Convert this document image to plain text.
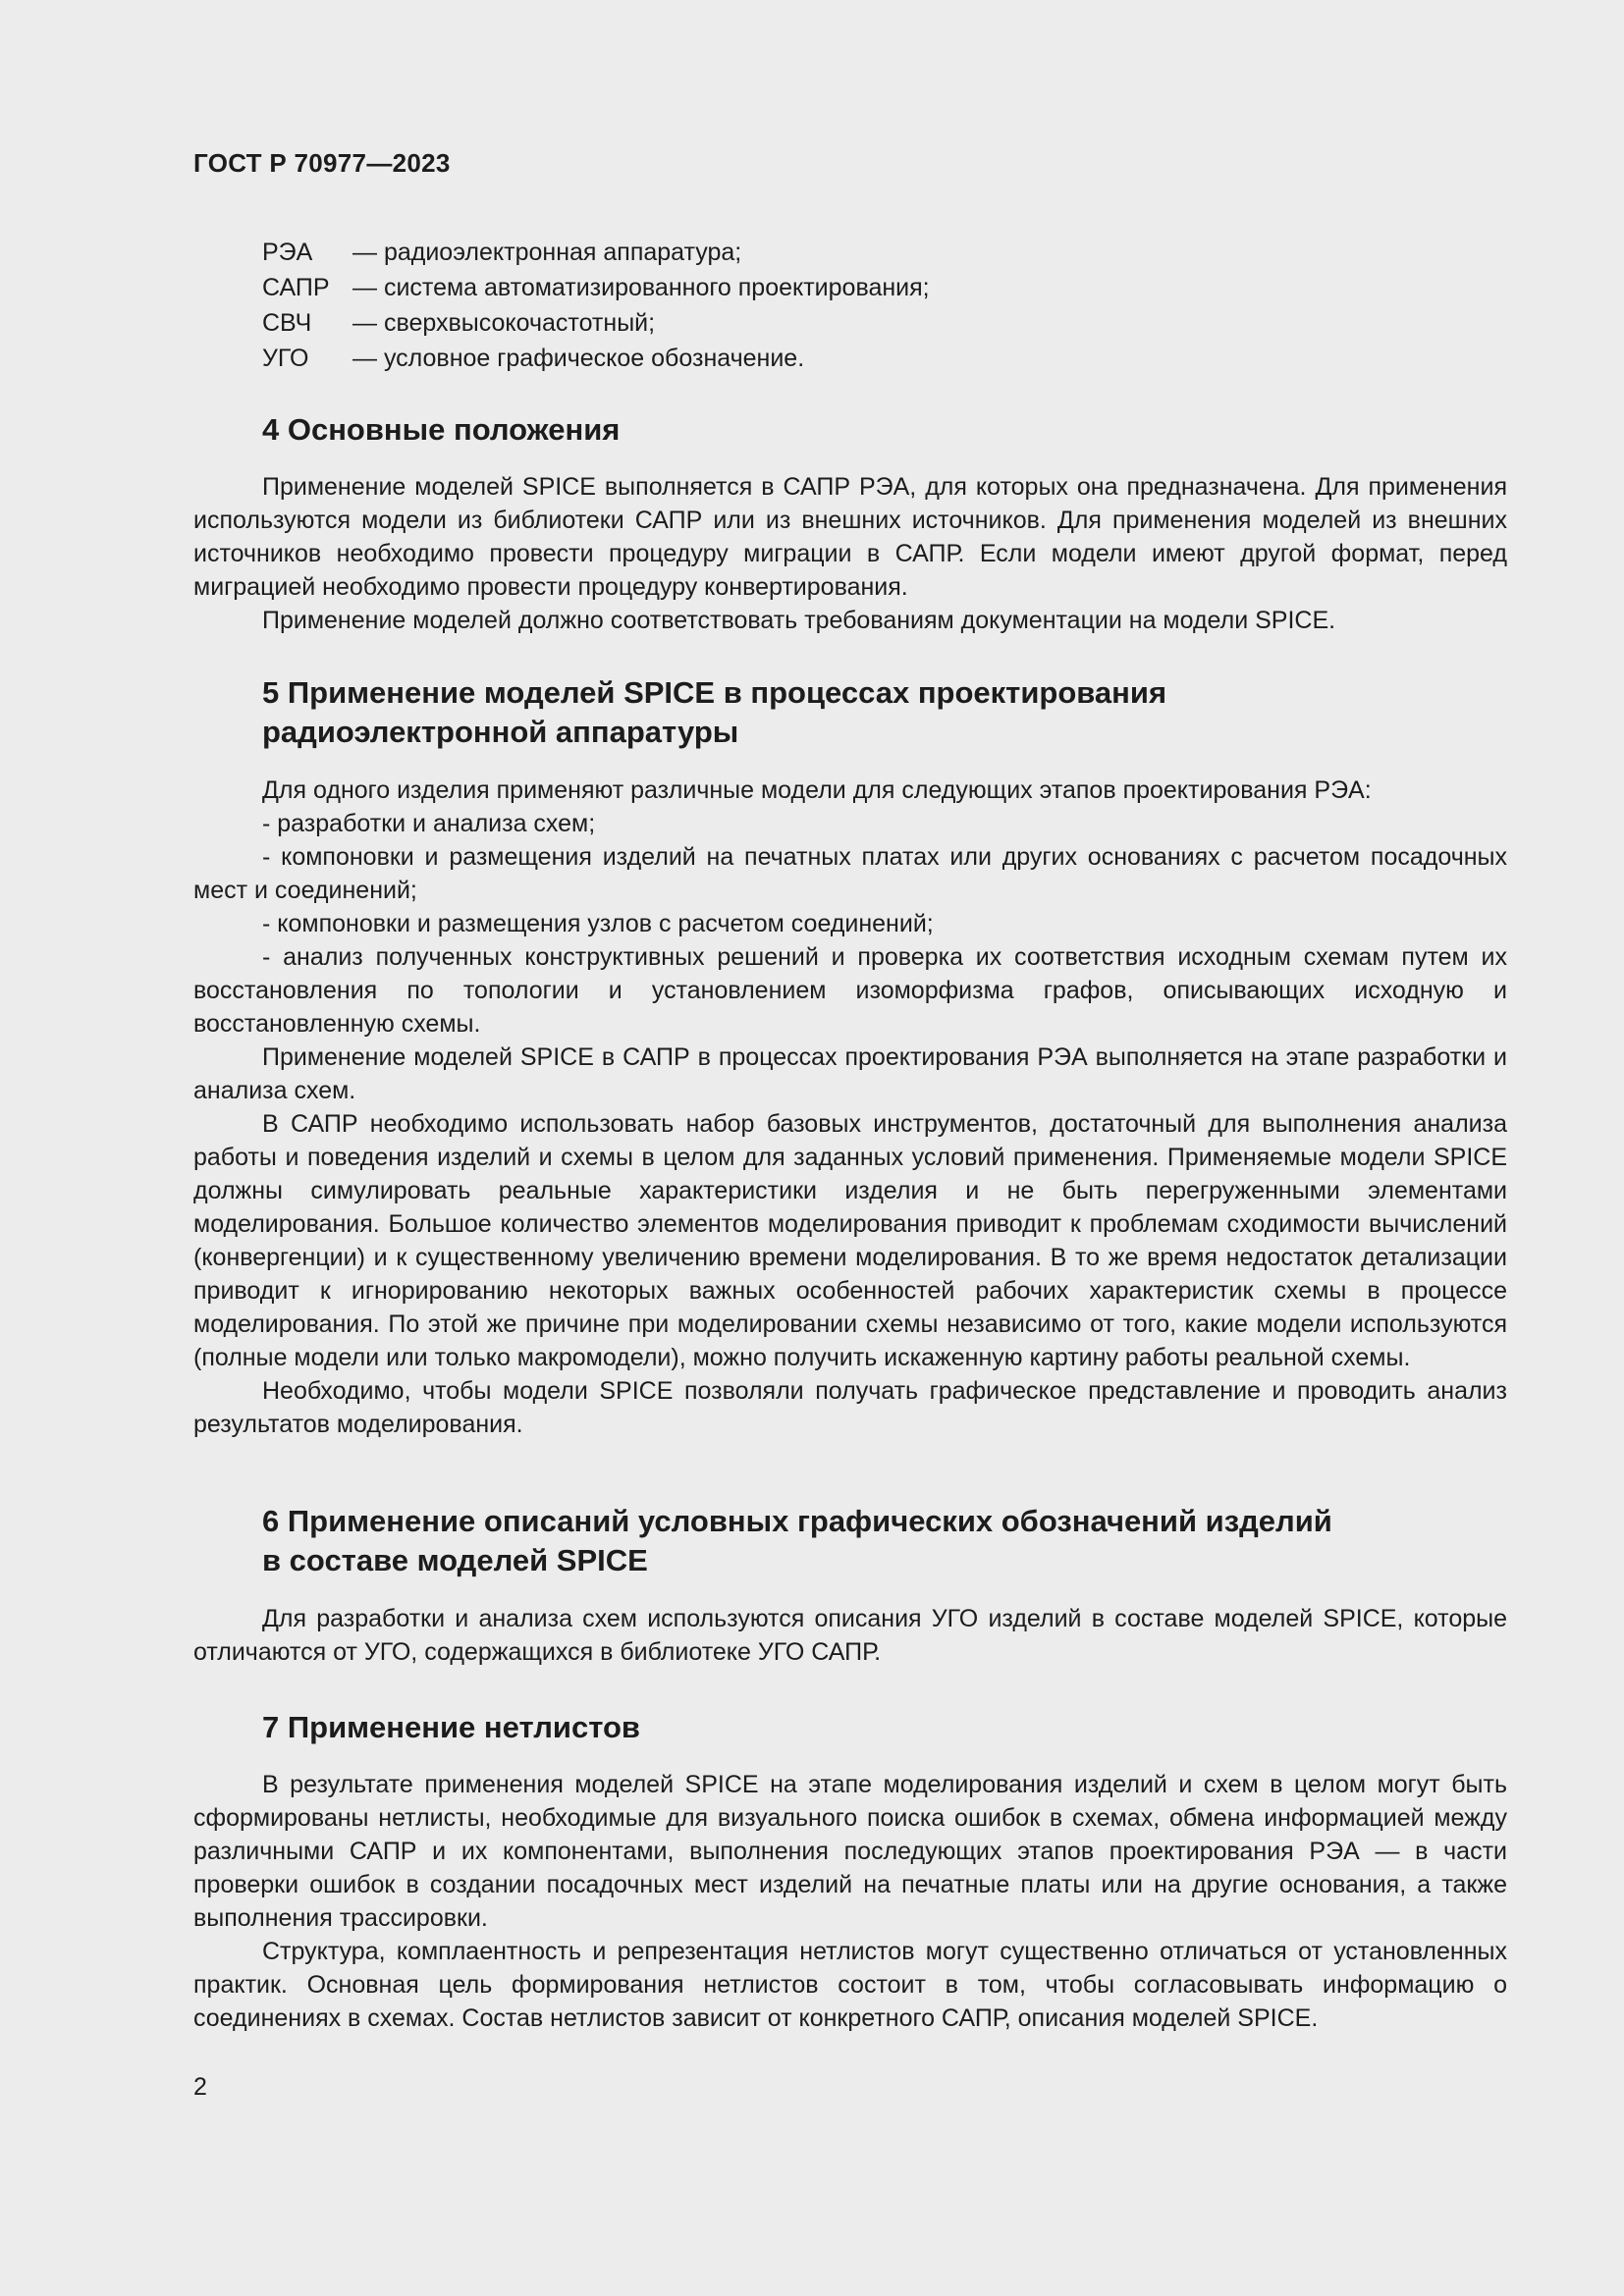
ГОСТ Р 70977—2023
РЭА	— радиоэлектронная аппаратура;
САПР — система автоматизированного проектирования;
СВЧ	— сверхвысокочастотный;
УГО	— условное графическое обозначение.
4 Основные положения

Применение моделей SPICE выполняется в САПР РЭА, для которых она предназначена. Для применения используются модели из библиотеки САПР или из внешних источников. Для применения моделей из внешних источников необходимо провести процедуру миграции в САПР. Если модели имеют другой формат, перед миграцией необходимо провести процедуру конвертирования.

Применение моделей должно соответствовать требованиям документации на модели SPICE.

5 Применение моделей SPICE в процессах проектирования
радиоэлектронной аппаратуры

Для одного изделия применяют различные модели для следующих этапов проектирования РЭА:

- разработки и анализа схем;

- компоновки и размещения изделий на печатных платах или других основаниях с расчетом посадочных мест и соединений;

- компоновки и размещения узлов с расчетом соединений;

- анализ полученных конструктивных решений и проверка их соответствия исходным схемам путем их восстановления по топологии и установлением изоморфизма графов, описывающих исходную и восстановленную схемы.

Применение моделей SPICE в САПР в процессах проектирования РЭА выполняется на этапе разработки и анализа схем.

В САПР необходимо использовать набор базовых инструментов, достаточный для выполнения анализа работы и поведения изделий и схемы в целом для заданных условий применения. Применяемые модели SPICE должны симулировать реальные характеристики изделия и не быть перегруженными элементами моделирования. Большое количество элементов моделирования приводит к проблемам сходимости вычислений (конвергенции) и к существенному увеличению времени моделирования. В то же время недостаток детализации приводит к игнорированию некоторых важных особенностей рабочих характеристик схемы в процессе моделирования. По этой же причине при моделировании схемы независимо от того, какие модели используются (полные модели или только макромодели), можно получить искаженную картину работы реальной схемы.

Необходимо, чтобы модели SPICE позволяли получать графическое представление и проводить анализ результатов моделирования.

6 Применение описаний условных графических обозначений изделий
в составе моделей SPICE

Для разработки и анализа схем используются описания УГО изделий в составе моделей SPICE, которые отличаются от УГО, содержащихся в библиотеке УГО САПР.

7 Применение нетлистов

В результате применения моделей SPICE на этапе моделирования изделий и схем в целом могут быть сформированы нетлисты, необходимые для визуального поиска ошибок в схемах, обмена информацией между различными САПР и их компонентами, выполнения последующих этапов проектирования РЭА — в части проверки ошибок в создании посадочных мест изделий на печатные платы или на другие основания, а также выполнения трассировки.

Структура, комплаентность и репрезентация нетлистов могут существенно отличаться от установленных практик. Основная цель формирования нетлистов состоит в том, чтобы согласовывать информацию о соединениях в схемах. Состав нетлистов зависит от конкретного САПР, описания моделей SPICE.

2
